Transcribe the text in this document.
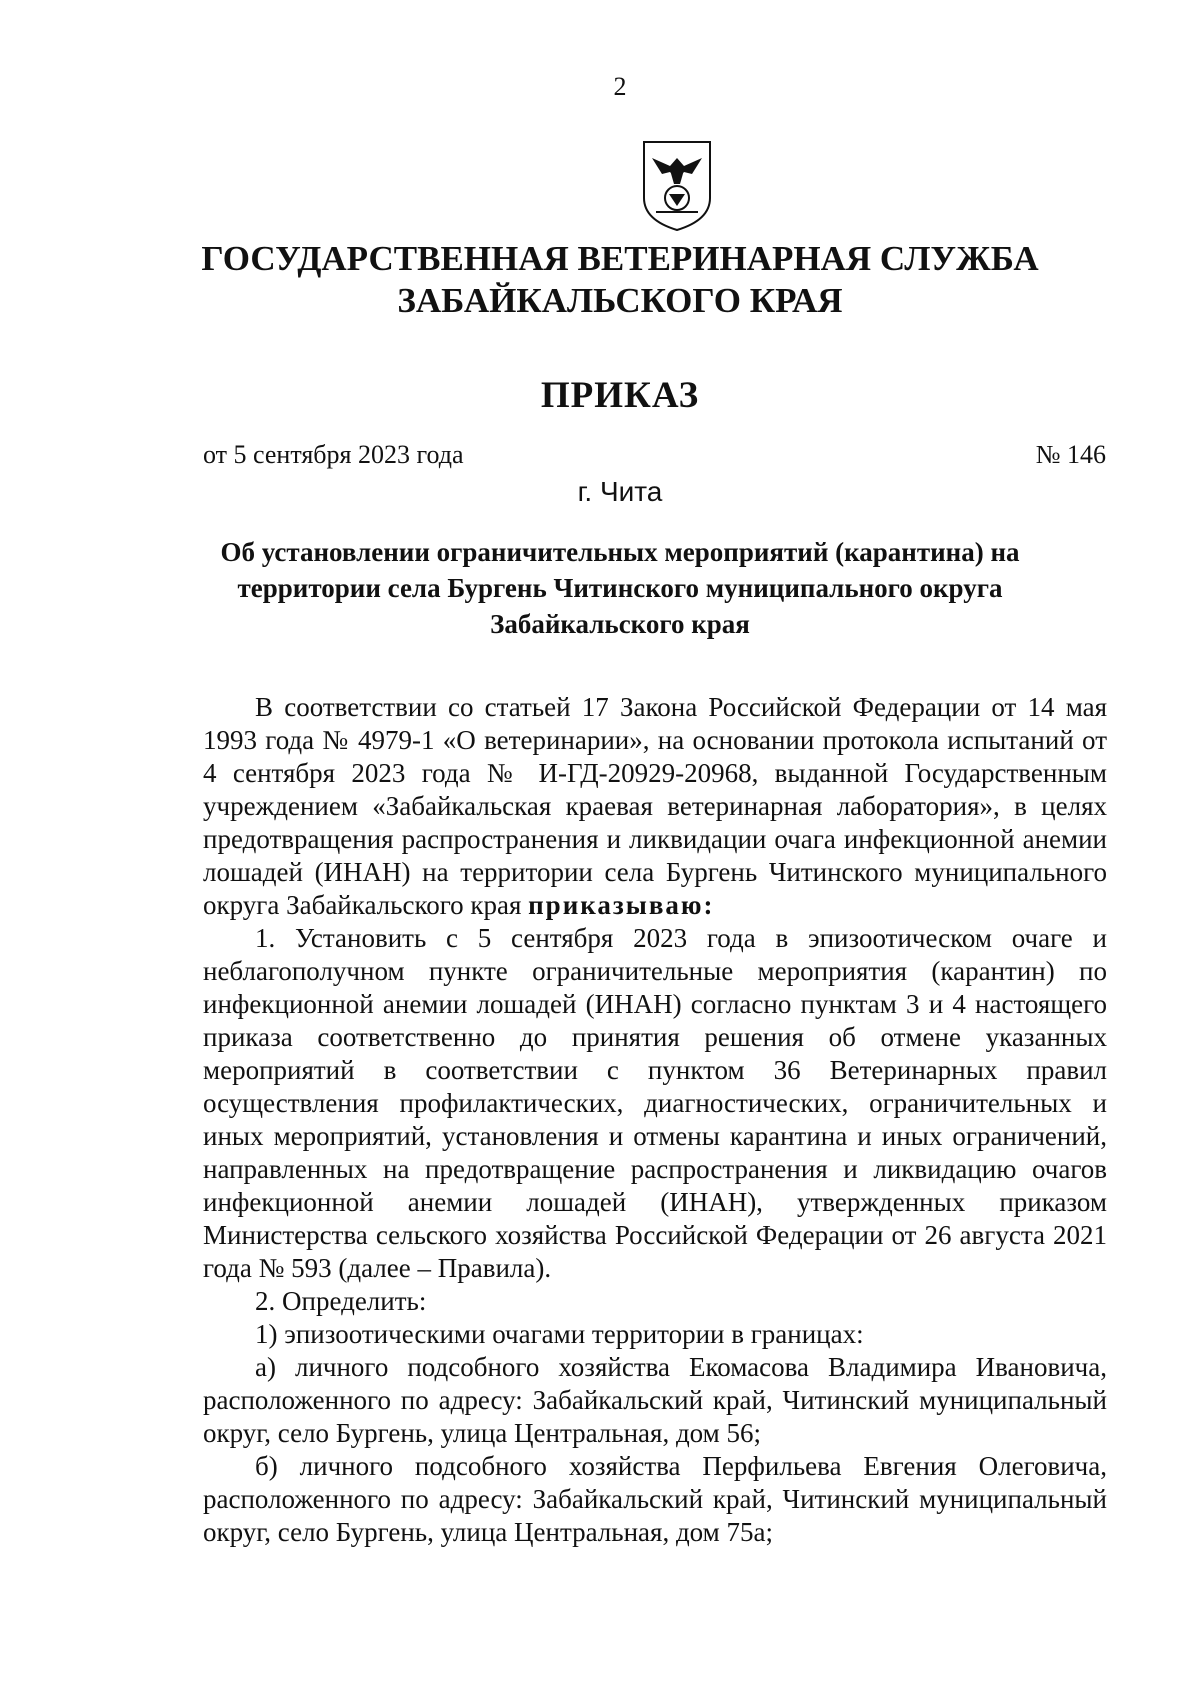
2
ГОСУДАРСТВЕННАЯ ВЕТЕРИНАРНАЯ СЛУЖБА
ЗАБАЙКАЛЬСКОГО КРАЯ
ПРИКАЗ
от 5 сентября 2023 года	№ 146
г. Чита
Об установлении ограничительных мероприятий (карантина) на
территории села Бургень Читинского муниципального округа
Забайкальского края

В соответствии со статьей 17 Закона Российской Федерации от 14 мая 1993 года № 4979-1 «О ветеринарии», на основании протокола испытаний от 4 сентября 2023 года № И-ГД-20929-20968, выданной Государственным учреждением «Забайкальская краевая ветеринарная лаборатория», в целях предотвращения распространения и ликвидации очага инфекционной анемии лошадей (ИНАН) на территории села Бургень Читинского муниципального округа Забайкальского края приказываю:

1. Установить с 5 сентября 2023 года в эпизоотическом очаге и неблагополучном пункте ограничительные мероприятия (карантин) по инфекционной анемии лошадей (ИНАН) согласно пунктам 3 и 4 настоящего приказа соответственно до принятия решения об отмене указанных мероприятий в соответствии с пунктом 36 Ветеринарных правил осуществления профилактических, диагностических, ограничительных и иных мероприятий, установления и отмены карантина и иных ограничений, направленных на предотвращение распространения и ликвидацию очагов инфекционной анемии лошадей (ИНАН), утвержденных приказом Министерства сельского хозяйства Российской Федерации от 26 августа 2021 года № 593 (далее – Правила).

2. Определить:

1) эпизоотическими очагами территории в границах:

а) личного подсобного хозяйства Екомасова Владимира Ивановича, расположенного по адресу: Забайкальский край, Читинский муниципальный округ, село Бургень, улица Центральная, дом 56;

б) личного подсобного хозяйства Перфильева Евгения Олеговича, расположенного по адресу: Забайкальский край, Читинский муниципальный округ, село Бургень, улица Центральная, дом 75а;
